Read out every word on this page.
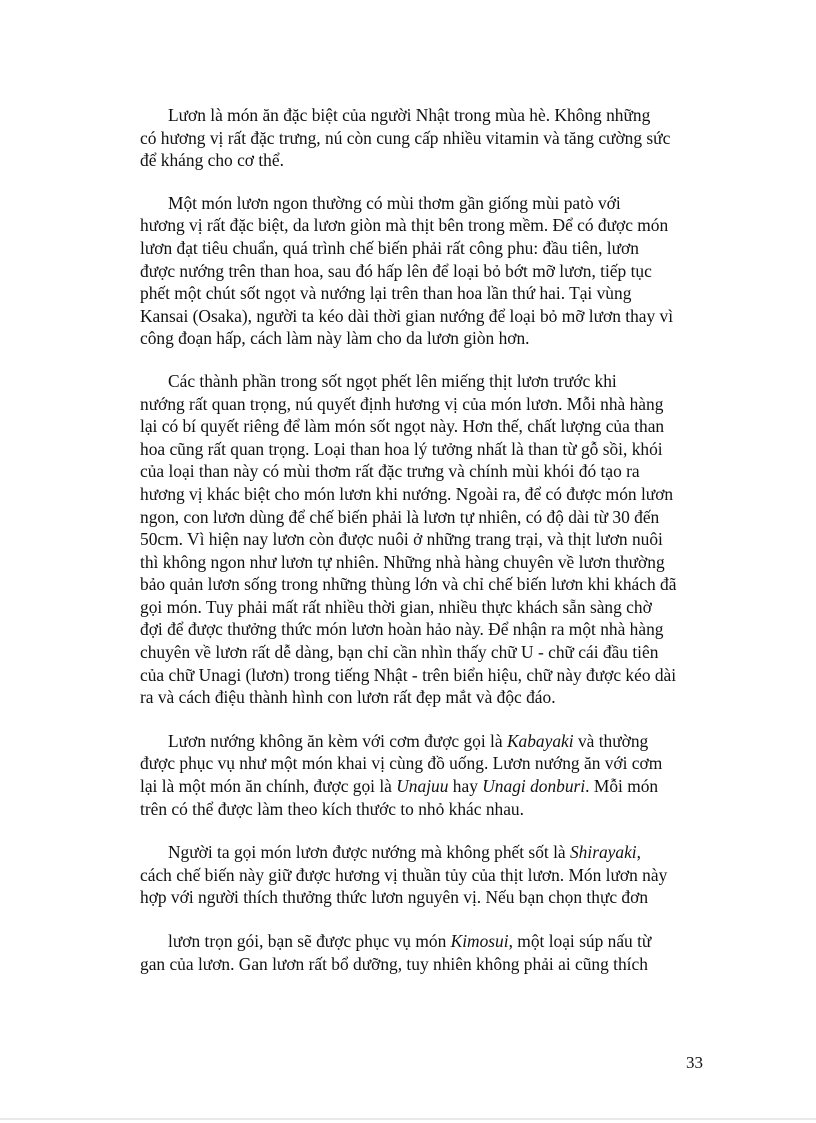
Lươn là món ăn đặc biệt của người Nhật trong mùa hè. Không những
có hương vị rất đặc trưng, nú còn cung cấp nhiều vitamin và tăng cường sức
để kháng cho cơ thể.

Một món lươn ngon thường có mùi thơm gần giống mùi patò với
hương vị rất đặc biệt, da lươn giòn mà thịt bên trong mềm. Để có được món
lươn đạt tiêu chuẩn, quá trình chế biến phải rất công phu: đầu tiên, lươn
được nướng trên than hoa, sau đó hấp lên để loại bỏ bớt mỡ lươn, tiếp tục
phết một chút sốt ngọt và nướng lại trên than hoa lần thứ hai. Tại vùng
Kansai (Osaka), người ta kéo dài thời gian nướng để loại bỏ mỡ lươn thay vì
công đoạn hấp, cách làm này làm cho da lươn giòn hơn.

Các thành phần trong sốt ngọt phết lên miếng thịt lươn trước khi
nướng rất quan trọng, nú quyết định hương vị của món lươn. Mỗi nhà hàng
lại có bí quyết riêng để làm món sốt ngọt này. Hơn thế, chất lượng của than
hoa cũng rất quan trọng. Loại than hoa lý tưởng nhất là than từ gỗ sồi, khói
của loại than này có mùi thơm rất đặc trưng và chính mùi khói đó tạo ra
hương vị khác biệt cho món lươn khi nướng. Ngoài ra, để có được món lươn
ngon, con lươn dùng để chế biến phải là lươn tự nhiên, có độ dài từ 30 đến
50cm. Vì hiện nay lươn còn được nuôi ở những trang trại, và thịt lươn nuôi
thì không ngon như lươn tự nhiên. Những nhà hàng chuyên về lươn thường
bảo quản lươn sống trong những thùng lớn và chỉ chế biến lươn khi khách đã
gọi món. Tuy phải mất rất nhiều thời gian, nhiều thực khách sẵn sàng chờ
đợi để được thưởng thức món lươn hoàn hảo này. Để nhận ra một nhà hàng
chuyên về lươn rất dễ dàng, bạn chỉ cần nhìn thấy chữ U - chữ cái đầu tiên
của chữ Unagi (lươn) trong tiếng Nhật - trên biển hiệu, chữ này được kéo dài
ra và cách điệu thành hình con lươn rất đẹp mắt và độc đáo.

Lươn nướng không ăn kèm với cơm được gọi là Kabayaki và thường
được phục vụ như một món khai vị cùng đồ uống. Lươn nướng ăn với cơm
lại là một món ăn chính, được gọi là Unajuu hay Unagi donburi. Mỗi món
trên có thể được làm theo kích thước to nhỏ khác nhau.

Người ta gọi món lươn được nướng mà không phết sốt là Shirayaki,
cách chế biến này giữ được hương vị thuần tủy của thịt lươn. Món lươn này
hợp với người thích thưởng thức lươn nguyên vị. Nếu bạn chọn thực đơn

lươn trọn gói, bạn sẽ được phục vụ món Kimosui, một loại súp nấu từ
gan của lươn. Gan lươn rất bổ dưỡng, tuy nhiên không phải ai cũng thích

33
